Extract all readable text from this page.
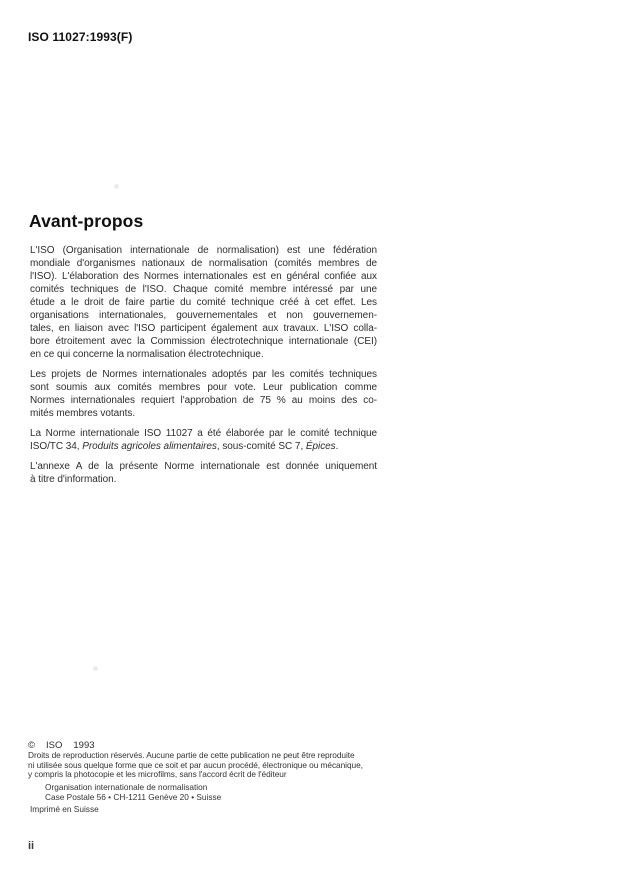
ISO 11027:1993(F)
Avant-propos
L'ISO (Organisation internationale de normalisation) est une fédération
mondiale d'organismes nationaux de normalisation (comités membres de
l'ISO). L'élaboration des Normes internationales est en général confiée aux
comités techniques de l'ISO. Chaque comité membre intéressé par une
étude a le droit de faire partie du comité technique créé à cet effet. Les
organisations internationales, gouvernementales et non gouvernemen-
tales, en liaison avec l'ISO participent également aux travaux. L'ISO colla-
bore étroitement avec la Commission électrotechnique internationale (CEI)
en ce qui concerne la normalisation électrotechnique.
Les projets de Normes internationales adoptés par les comités techniques
sont soumis aux comités membres pour vote. Leur publication comme
Normes internationales requiert l'approbation de 75 % au moins des co-
mités membres votants.
La Norme internationale ISO 11027 a été élaborée par le comité technique
ISO/TC 34, Produits agricoles alimentaires, sous-comité SC 7, Épices.
L'annexe A de la présente Norme internationale est donnée uniquement
à titre d'information.
© ISO 1993
Droits de reproduction réservés. Aucune partie de cette publication ne peut être reproduite
ni utilisée sous quelque forme que ce soit et par aucun procédé, électronique ou mécanique,
y compris la photocopie et les microfilms, sans l'accord écrit de l'éditeur
Organisation internationale de normalisation
Case Postale 56 • CH-1211 Genève 20 • Suisse
Imprimé en Suisse
ii
